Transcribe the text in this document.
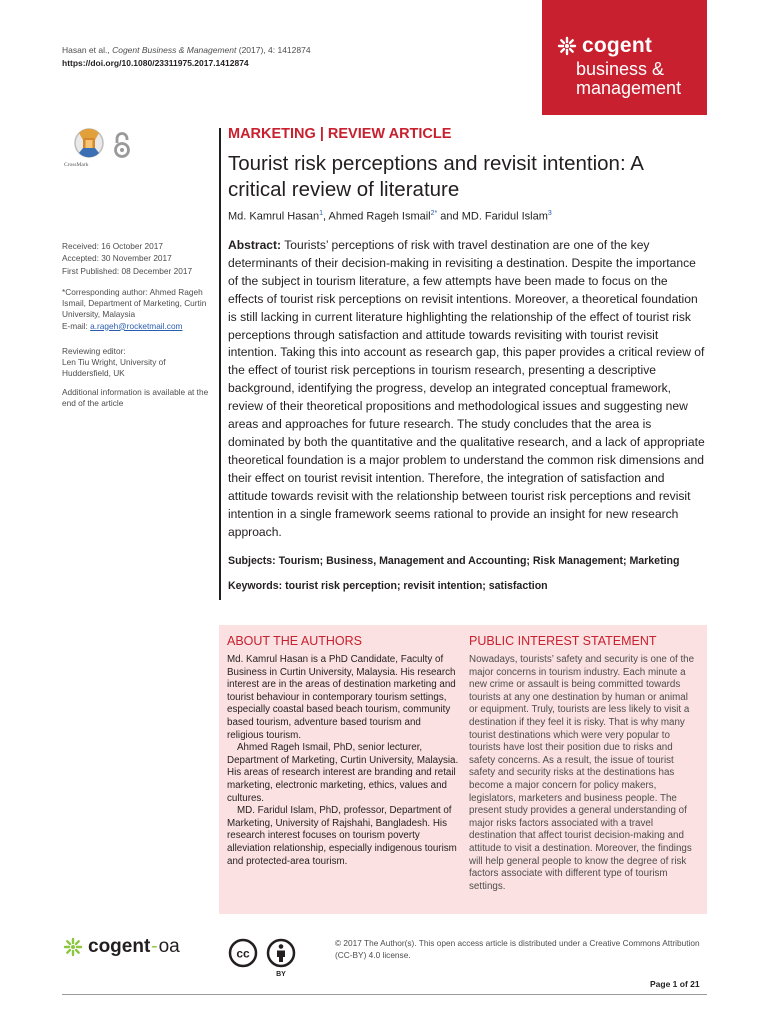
Hasan et al., Cogent Business & Management (2017), 4: 1412874
https://doi.org/10.1080/23311975.2017.1412874
cogent
business &
management
CrossMark
Received: 16 October 2017
Accepted: 30 November 2017
First Published: 08 December 2017
*Corresponding author: Ahmed Rageh Ismail, Department of Marketing, Curtin University, Malaysia
E-mail: a.rageh@rocketmail.com
Reviewing editor:
Len Tiu Wright, University of Huddersfield, UK
Additional information is available at the end of the article
MARKETING | REVIEW ARTICLE
Tourist risk perceptions and revisit intention: A critical review of literature
Md. Kamrul Hasan$^1$, Ahmed Rageh Ismail$^{2*}$ and MD. Faridul Islam$^3$
Abstract: Tourists’ perceptions of risk with travel destination are one of the key determinants of their decision-making in revisiting a destination. Despite the importance of the subject in tourism literature, a few attempts have been made to focus on the effects of tourist risk perceptions on revisit intentions. Moreover, a theoretical foundation is still lacking in current literature highlighting the relationship of the effect of tourist risk perceptions through satisfaction and attitude towards revisiting with tourist revisit intention. Taking this into account as research gap, this paper provides a critical review of the effect of tourist risk perceptions in tourism research, presenting a descriptive background, identifying the progress, develop an integrated conceptual framework, review of their theoretical propositions and methodological issues and suggesting new areas and approaches for future research. The study concludes that the area is dominated by both the quantitative and the qualitative research, and a lack of appropriate theoretical foundation is a major problem to understand the common risk dimensions and their effect on tourist revisit intention. Therefore, the integration of satisfaction and attitude towards revisit with the relationship between tourist risk perceptions and revisit intention in a single framework seems rational to provide an insight for new research approach.
Subjects: Tourism; Business, Management and Accounting; Risk Management; Marketing
Keywords: tourist risk perception; revisit intention; satisfaction
ABOUT THE AUTHORS

Md. Kamrul Hasan is a PhD Candidate, Faculty of Business in Curtin University, Malaysia. His research interest are in the areas of destination marketing and tourist behaviour in contemporary tourism settings, especially coastal based beach tourism, community based tourism, adventure based tourism and religious tourism.

Ahmed Rageh Ismail, PhD, senior lecturer, Department of Marketing, Curtin University, Malaysia. His areas of research interest are branding and retail marketing, electronic marketing, ethics, values and cultures.

MD. Faridul Islam, PhD, professor, Department of Marketing, University of Rajshahi, Bangladesh. His research interest focuses on tourism poverty alleviation relationship, especially indigenous tourism and protected-area tourism.

PUBLIC INTEREST STATEMENT
Nowadays, tourists’ safety and security is one of the major concerns in tourism industry. Each minute a new crime or assault is being committed towards tourists at any one destination by human or animal or equipment. Truly, tourists are less likely to visit a destination if they feel it is risky. That is why many tourist destinations which were very popular to tourists have lost their position due to risks and safety concerns. As a result, the issue of tourist safety and security risks at the destinations has become a major concern for policy makers, legislators, marketers and business people. The present study provides a general understanding of major risks factors associated with a travel destination that affect tourist decision-making and attitude to visit a destination. Moreover, the findings will help general people to know the degree of risk factors associate with different type of tourism settings.
cogent - oa	cc
BY
© 2017 The Author(s). This open access article is distributed under a Creative Commons Attribution (CC-BY) 4.0 license.
Page 1 of 21
